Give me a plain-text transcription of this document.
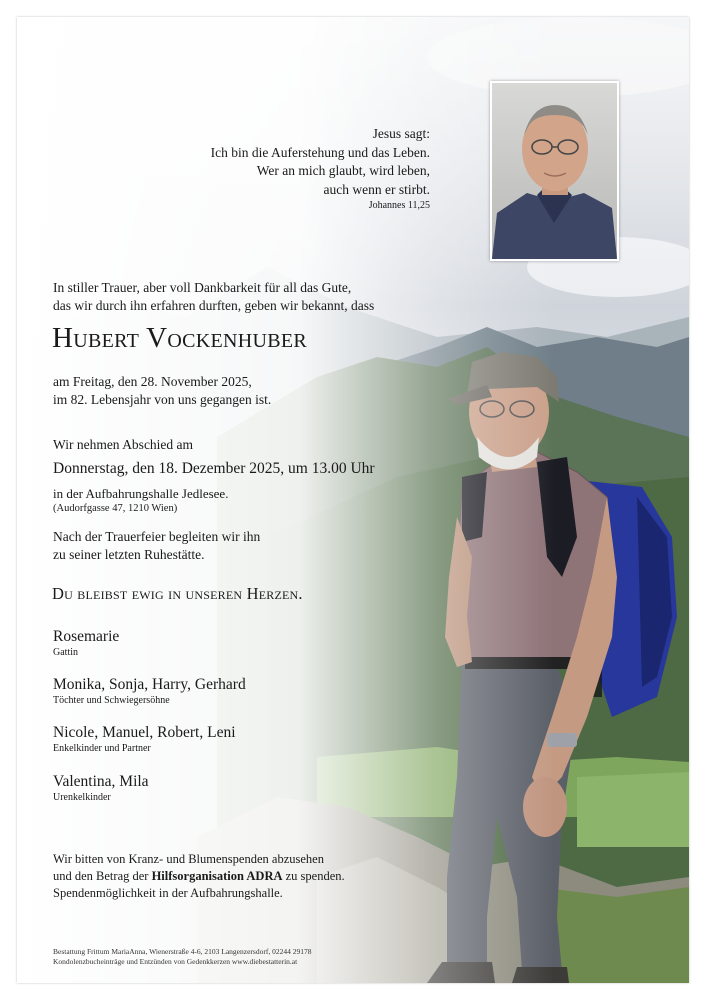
Jesus sagt:
Ich bin die Auferstehung und das Leben.
Wer an mich glaubt, wird leben,
auch wenn er stirbt.
Johannes 11,25
In stiller Trauer, aber voll Dankbarkeit für all das Gute,
das wir durch ihn erfahren durften, geben wir bekannt, dass
Hubert Vockenhuber
am Freitag, den 28. November 2025,
im 82. Lebensjahr von uns gegangen ist.
Wir nehmen Abschied am
Donnerstag, den 18. Dezember 2025, um 13.00 Uhr
in der Aufbahrungshalle Jedlesee.
(Audorfgasse 47, 1210 Wien)
Nach der Trauerfeier begleiten wir ihn
zu seiner letzten Ruhestätte.
Du bleibst ewig in unseren Herzen.
Rosemarie
Gattin
Monika, Sonja, Harry, Gerhard
Töchter und Schwiegersöhne
Nicole, Manuel, Robert, Leni
Enkelkinder und Partner
Valentina, Mila
Urenkelkinder
Wir bitten von Kranz- und Blumenspenden abzusehen
und den Betrag der Hilfsorganisation ADRA zu spenden.
Spendenmöglichkeit in der Aufbahrungshalle.
Bestattung Frittum MariaAnna, Wienerstraße 4-6, 2103 Langenzersdorf, 02244 29178
Kondolenzbucheinträge und Entzünden von Gedenkkerzen www.diebestatterin.at
